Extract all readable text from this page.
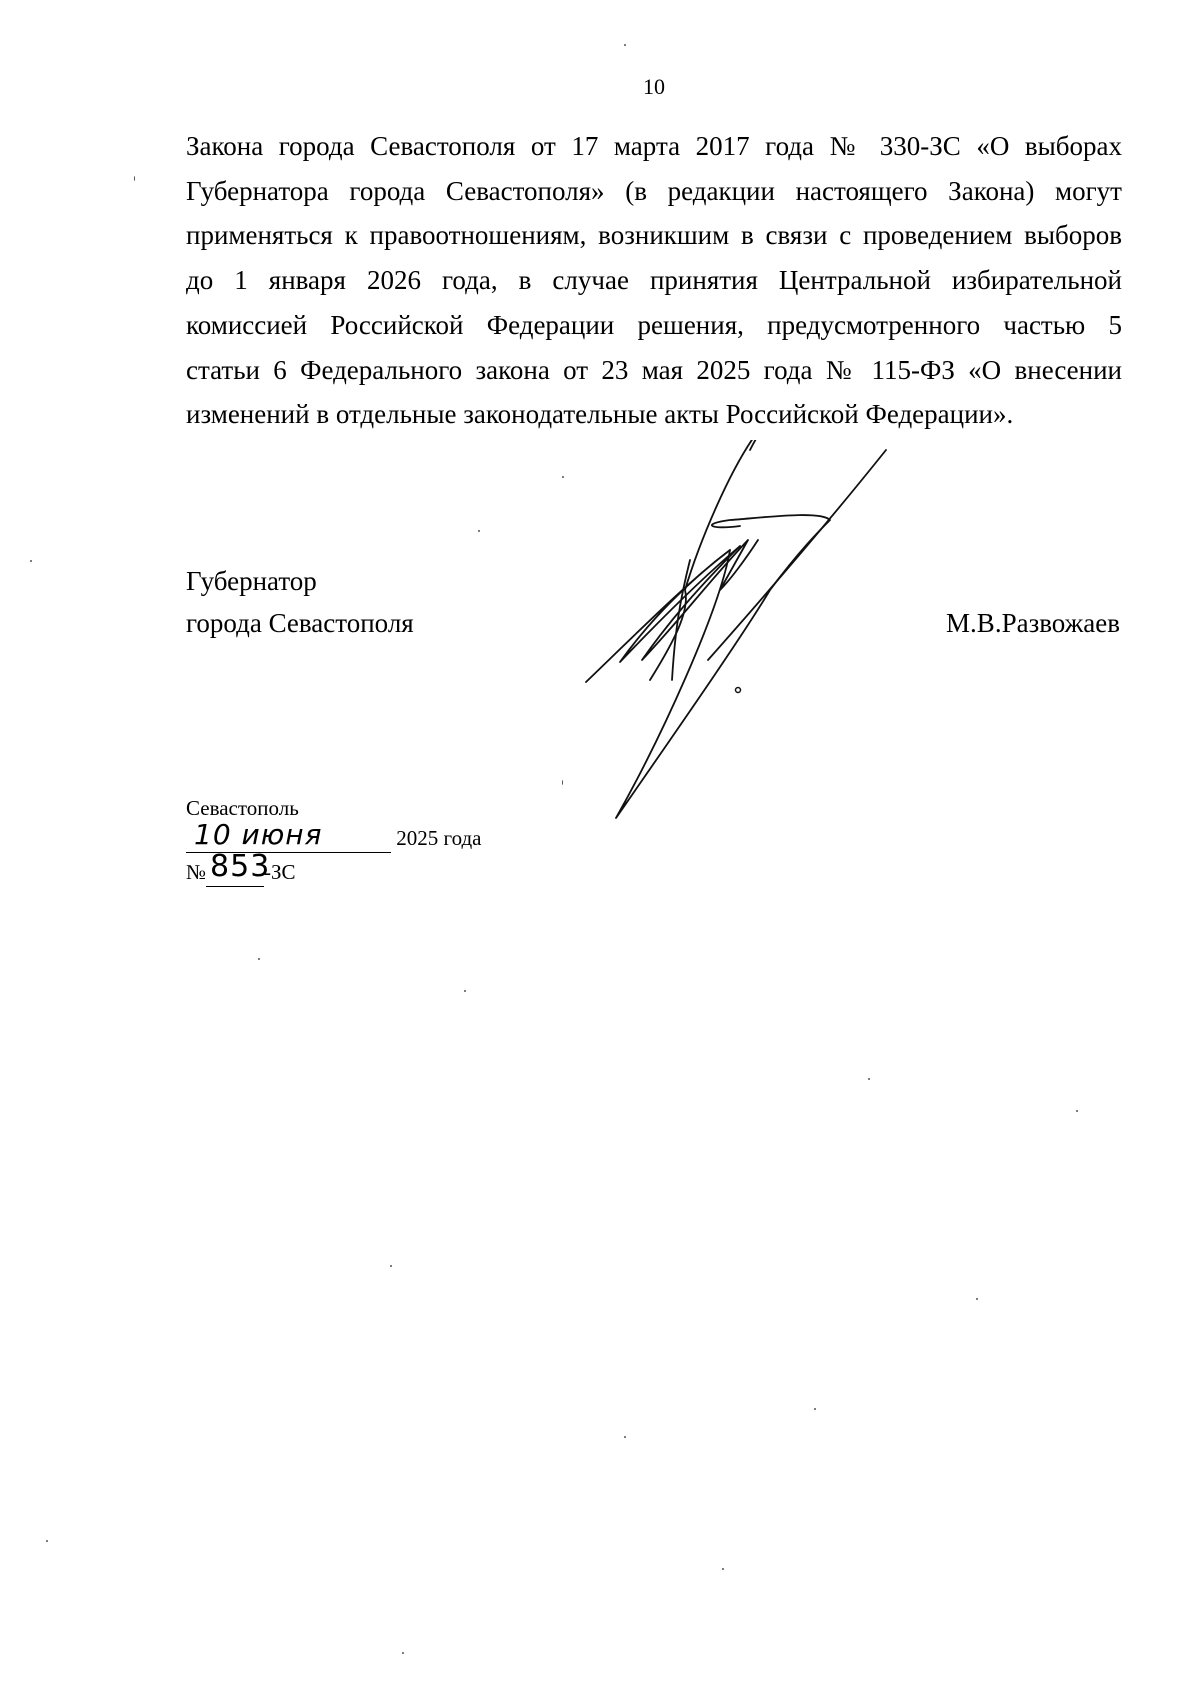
10
Закона города Севастополя от 17 марта 2017 года № 330-ЗС «О выборах
Губернатора города Севастополя» (в редакции настоящего Закона) могут
применяться к правоотношениям, возникшим в связи с проведением выборов
до 1 января 2026 года, в случае принятия Центральной избирательной
комиссией Российской Федерации решения, предусмотренного частью 5
статьи 6 Федерального закона от 23 мая 2025 года № 115-ФЗ «О внесении
изменений в отдельные законодательные акты Российской Федерации».
Губернатор
города Севастополя	М.В.Развожаев
Севастополь
10 июня	2025 года
№ 853
-ЗС
